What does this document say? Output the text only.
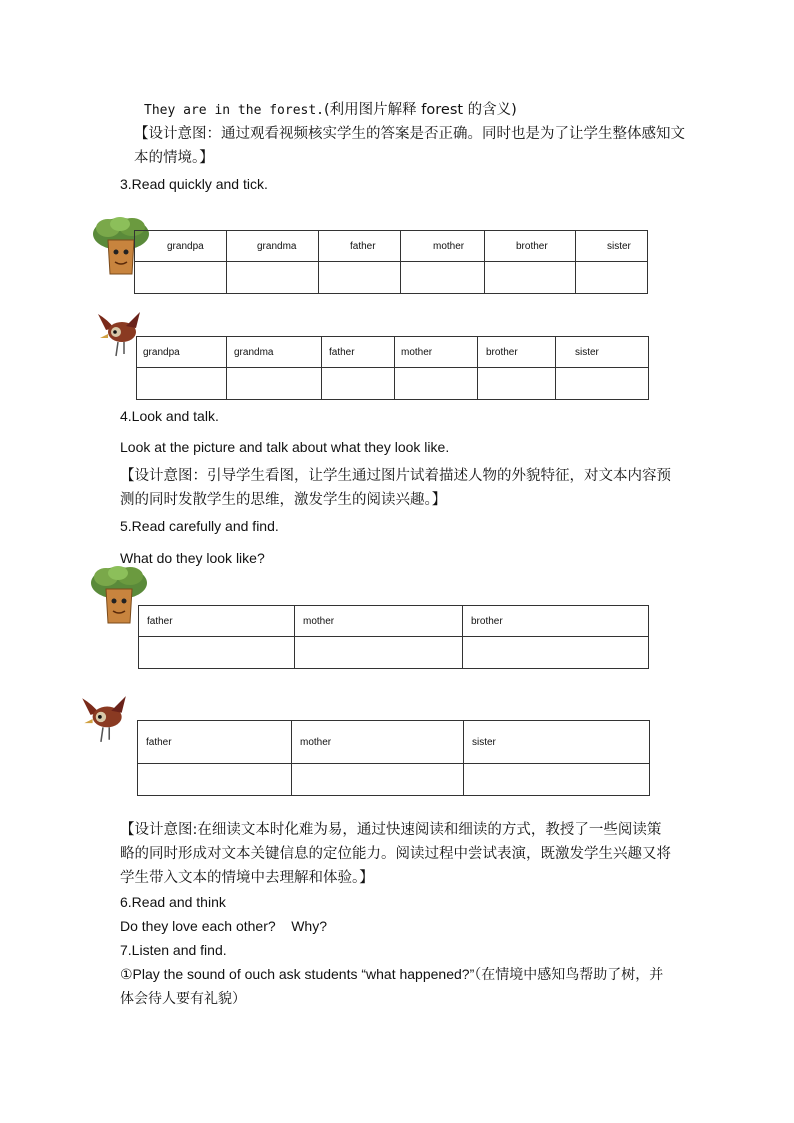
They are in the forest.(利用图片解释 forest 的含义)
【设计意图：通过观看视频核实学生的答案是否正确。同时也是为了让学生整体感知文本的情境。】
3.Read quickly and tick.
grandpa	grandma	father	mother	brother	sister

grandpa	grandma	father	mother	brother	sister

4.Look and talk.
Look at the picture and talk about what they look like.
【设计意图：引导学生看图，让学生通过图片试着描述人物的外貌特征，对文本内容预测的同时发散学生的思维，激发学生的阅读兴趣。】
5.Read carefully and find.
What do they look like?
father	mother	brother

father	mother	sister

【设计意图:在细读文本时化难为易，通过快速阅读和细读的方式，教授了一些阅读策略的同时形成对文本关键信息的定位能力。阅读过程中尝试表演，既激发学生兴趣又将学生带入文本的情境中去理解和体验。】
6.Read and think
Do they love each other?    Why?
7.Listen and find.
①Play the sound of ouch ask students “what happened?”（在情境中感知鸟帮助了树，并体会待人要有礼貌）
